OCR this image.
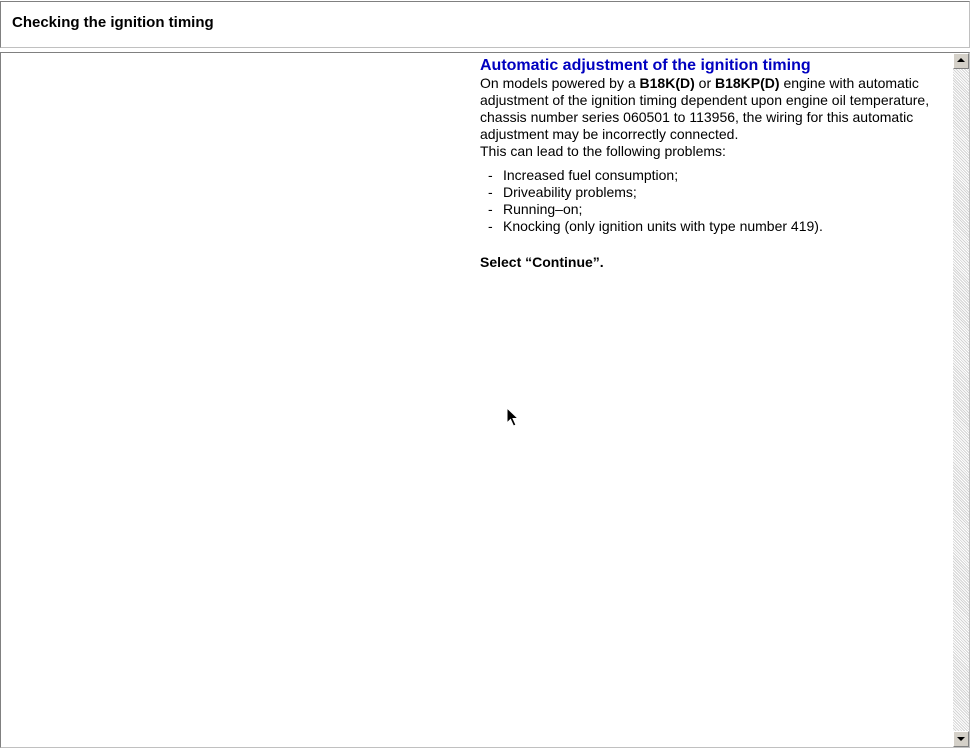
Checking the ignition timing

Automatic adjustment of the ignition timing

On models powered by a B18K(D) or B18KP(D) engine with automatic adjustment of the ignition timing dependent upon engine oil temperature, chassis number series 060501 to 113956, the wiring for this automatic adjustment may be incorrectly connected.

This can lead to the following problems:

- Increased fuel consumption;
- Driveability problems;
- Running–on;
- Knocking (only ignition units with type number 419).

Select “Continue”.
